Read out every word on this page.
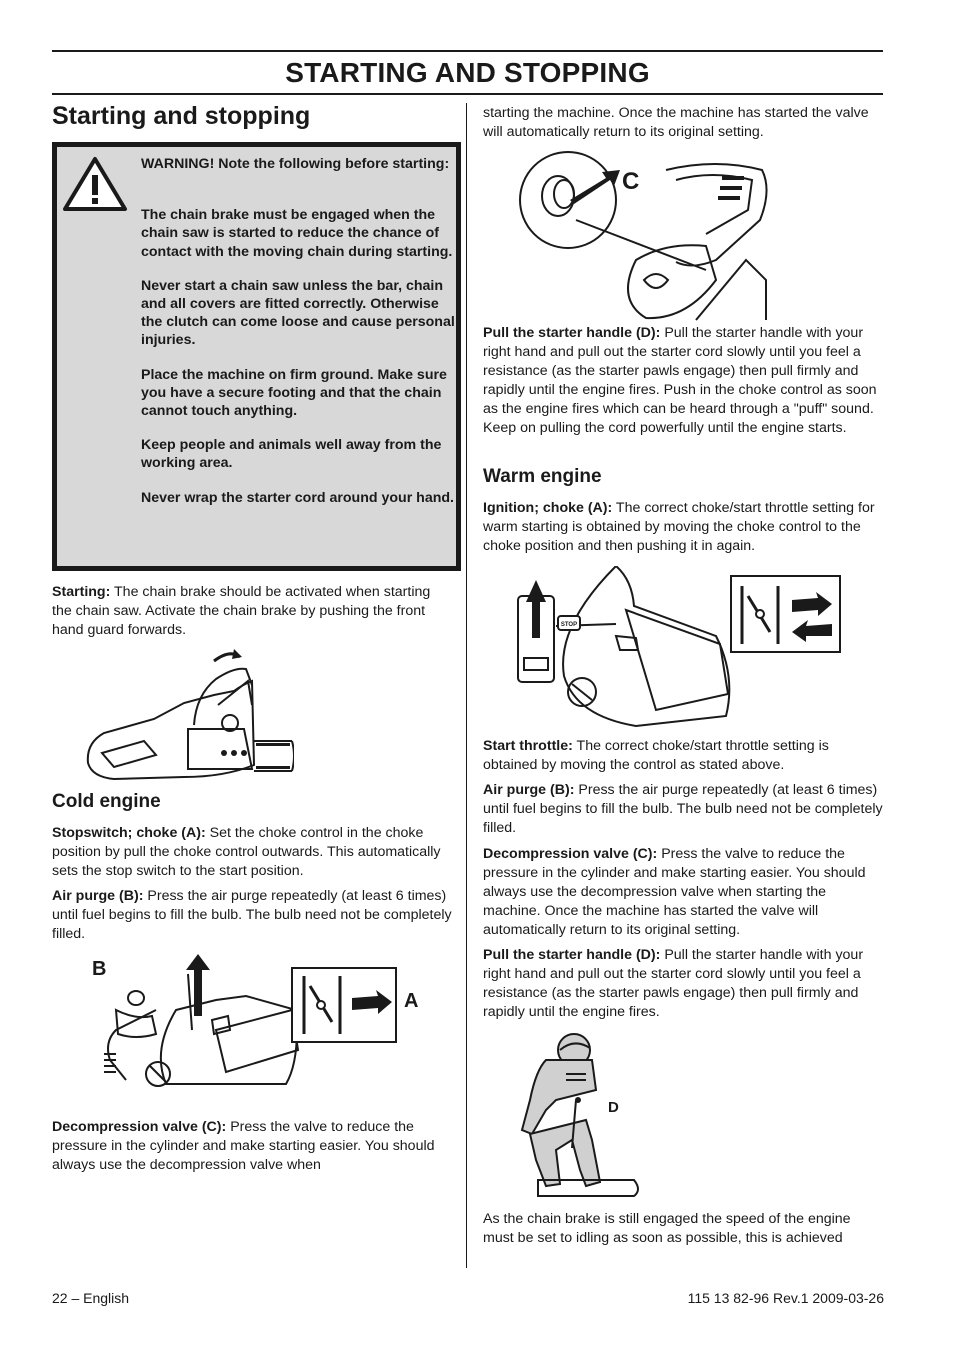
STARTING AND STOPPING
Starting and stopping

WARNING! Note the following before starting:

The chain brake must be engaged when the chain saw is started to reduce the chance of contact with the moving chain during starting.

Never start a chain saw unless the bar, chain and all covers are fitted correctly. Otherwise the clutch can come loose and cause personal injuries.

Place the machine on firm ground. Make sure you have a secure footing and that the chain cannot touch anything.

Keep people and animals well away from the working area.

Never wrap the starter cord around your hand.

Starting: The chain brake should be activated when starting the chain saw. Activate the chain brake by pushing the front hand guard forwards.

Cold engine

Stopswitch; choke (A): Set the choke control in the choke position by pull the choke control outwards. This automatically sets the stop switch to the start position.

Air purge (B): Press the air purge repeatedly (at least 6 times) until fuel begins to fill the bulb. The bulb need not be completely filled.

B
A

Decompression valve (C): Press the valve to reduce the pressure in the cylinder and make starting easier. You should always use the decompression valve when

starting the machine. Once the machine has started the valve will automatically return to its original setting.

C

Pull the starter handle (D): Pull the starter handle with your right hand and pull out the starter cord slowly until you feel a resistance (as the starter pawls engage) then pull firmly and rapidly until the engine fires. Push in the choke control as soon as the engine fires which can be heard through a "puff" sound. Keep on pulling the cord powerfully until the engine starts.

Warm engine

Ignition; choke (A): The correct choke/start throttle setting for warm starting is obtained by moving the choke control to the choke position and then pushing it in again.

STOP

Start throttle: The correct choke/start throttle setting is obtained by moving the control as stated above.

Air purge (B): Press the air purge repeatedly (at least 6 times) until fuel begins to fill the bulb. The bulb need not be completely filled.

Decompression valve (C): Press the valve to reduce the pressure in the cylinder and make starting easier. You should always use the decompression valve when starting the machine. Once the machine has started the valve will automatically return to its original setting.

Pull the starter handle (D): Pull the starter handle with your right hand and pull out the starter cord slowly until you feel a resistance (as the starter pawls engage) then pull firmly and rapidly until the engine fires.

D

As the chain brake is still engaged the speed of the engine must be set to idling as soon as possible, this is achieved

22 – English	115 13 82-96 Rev.1 2009-03-26
